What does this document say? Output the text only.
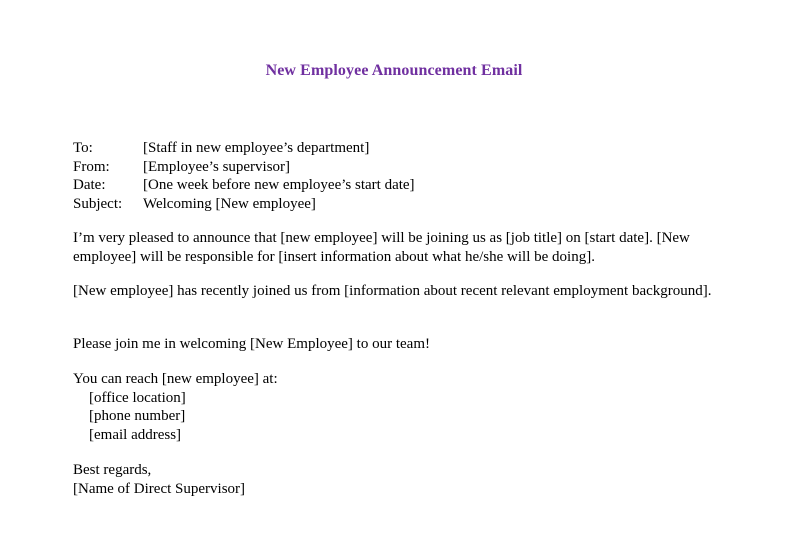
New Employee Announcement Email
To:	[Staff in new employee’s department]
From:	[Employee’s supervisor]
Date:	[One week before new employee’s start date]
Subject:	Welcoming [New employee]
I’m very pleased to announce that [new employee] will be joining us as [job title] on [start date]. [New employee] will be responsible for [insert information about what he/she will be doing].
[New employee] has recently joined us from [information about recent relevant employment background].
Please join me in welcoming [New Employee] to our team!
You can reach [new employee] at:
[office location]
[phone number]
[email address]
Best regards,
[Name of Direct Supervisor]
